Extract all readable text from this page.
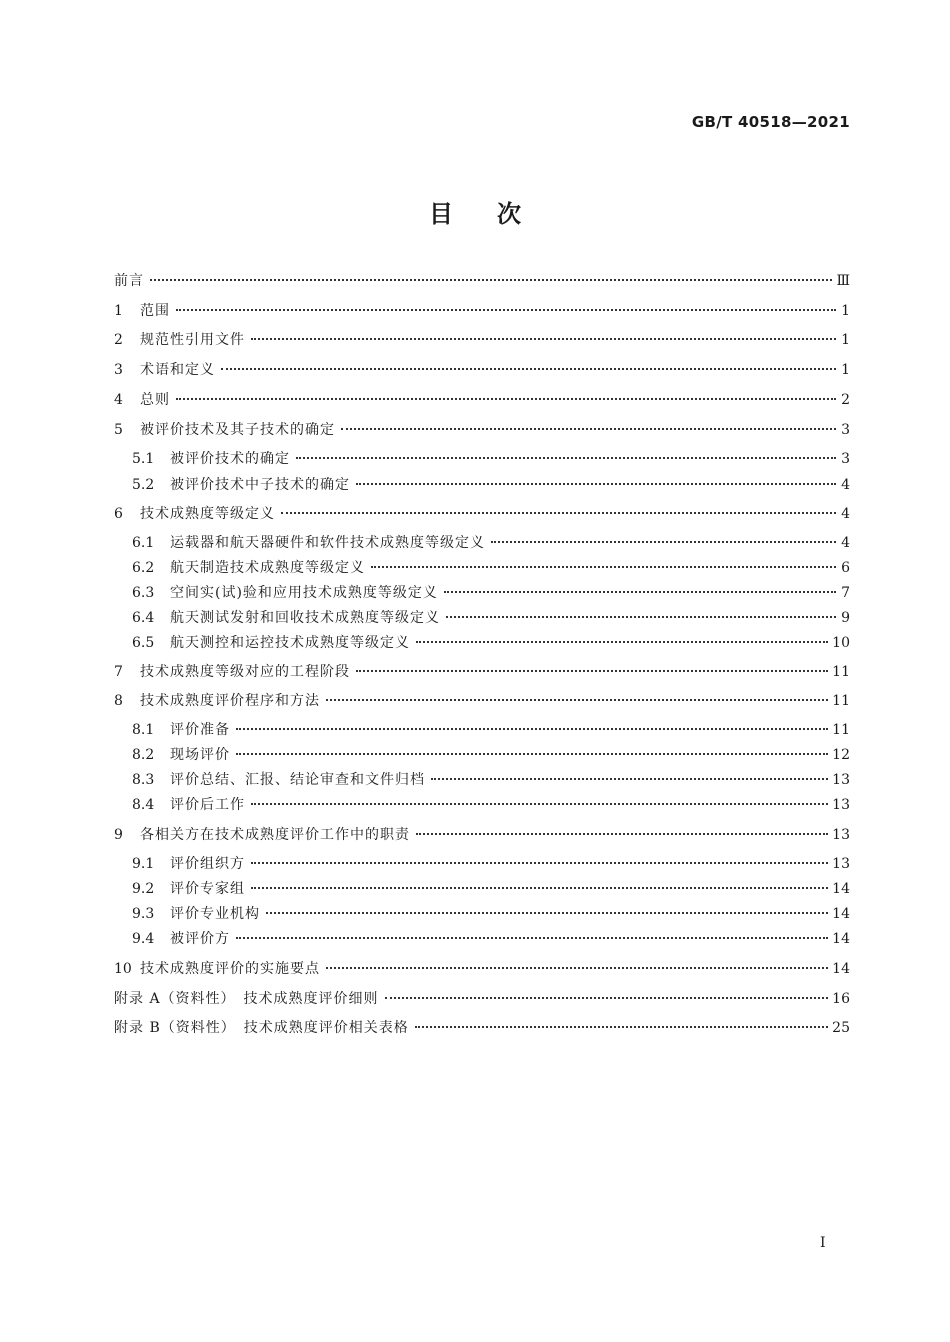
GB/T 40518—2021
目次
前言	Ⅲ
1	范围	1
2	规范性引用文件	1
3	术语和定义	1
4	总则	2
5	被评价技术及其子技术的确定	3
5.1	被评价技术的确定	3
5.2	被评价技术中子技术的确定	4
6	技术成熟度等级定义	4
6.1	运载器和航天器硬件和软件技术成熟度等级定义	4
6.2	航天制造技术成熟度等级定义	6
6.3	空间实(试)验和应用技术成熟度等级定义	7
6.4	航天测试发射和回收技术成熟度等级定义	9
6.5	航天测控和运控技术成熟度等级定义	10
7	技术成熟度等级对应的工程阶段	11
8	技术成熟度评价程序和方法	11
8.1	评价准备	11
8.2	现场评价	12
8.3	评价总结、汇报、结论审查和文件归档	13
8.4	评价后工作	13
9	各相关方在技术成熟度评价工作中的职责	13
9.1	评价组织方	13
9.2	评价专家组	14
9.3	评价专业机构	14
9.4	被评价方	14
10 技术成熟度评价的实施要点	14
附录 A（资料性）　技术成熟度评价细则	16
附录 B（资料性）　技术成熟度评价相关表格	25
I
